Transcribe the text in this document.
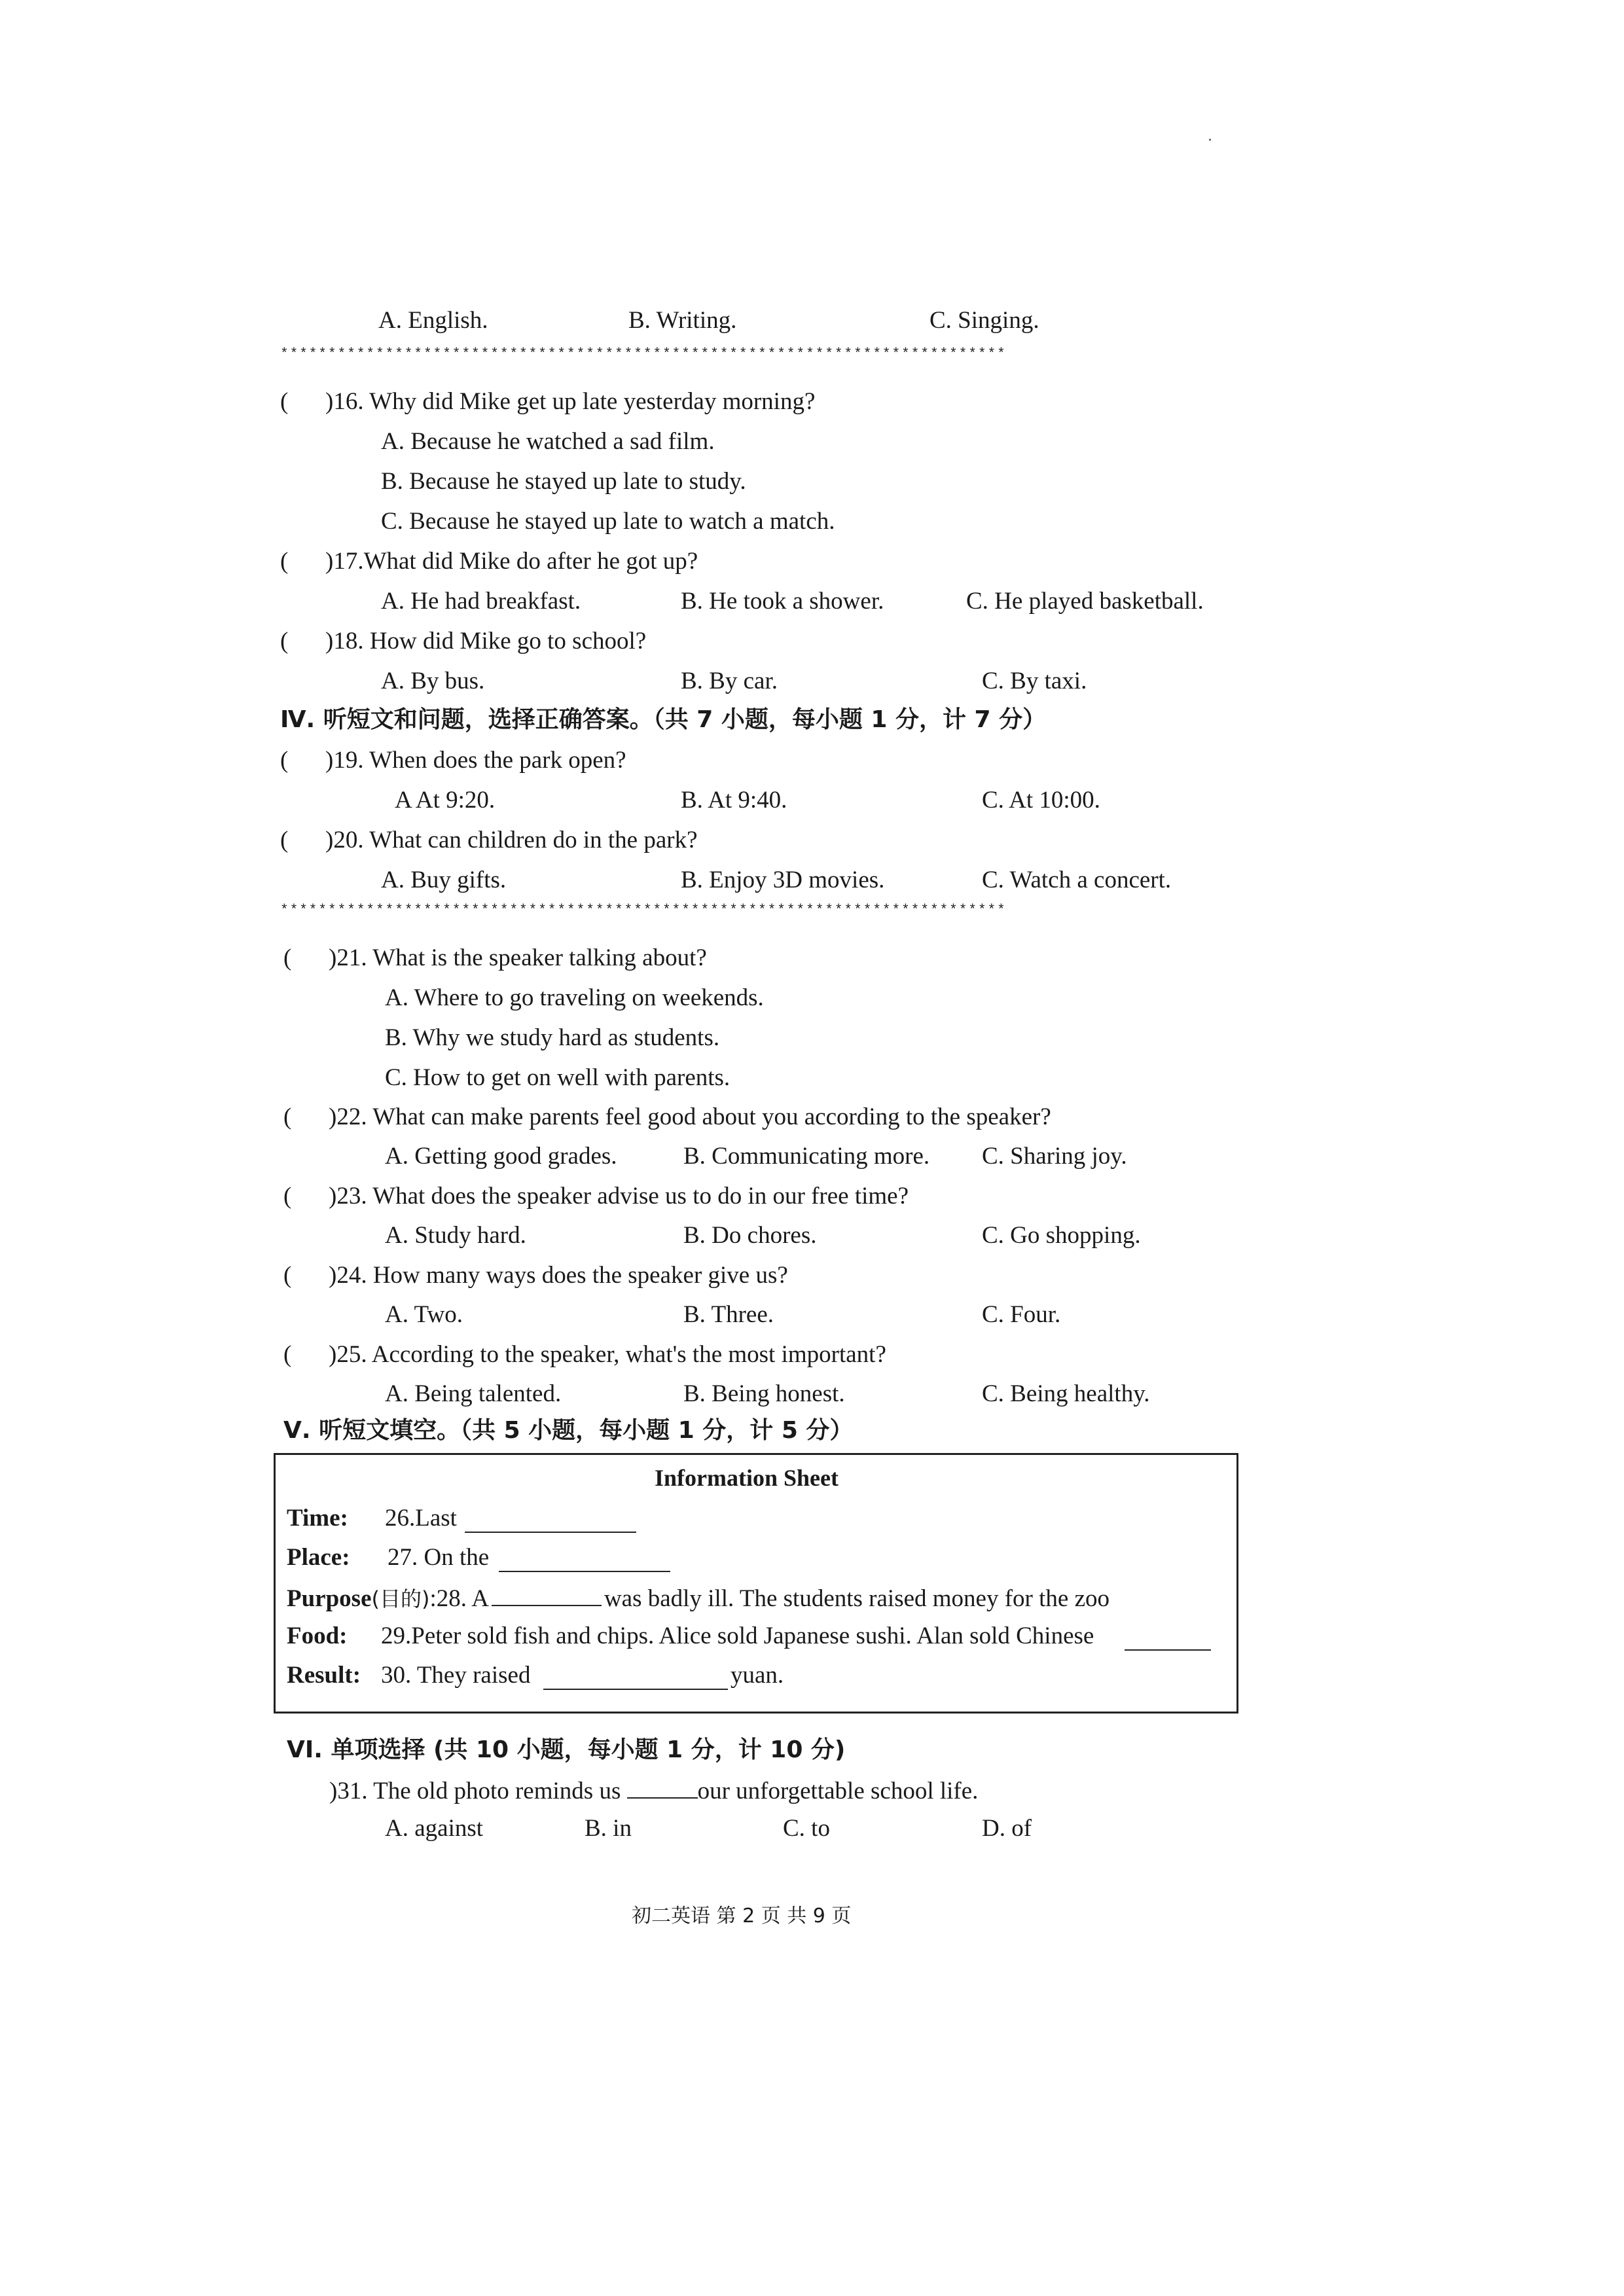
A. English.	B. Writing.	C. Singing.
****************************************************************************
( )16. Why did Mike get up late yesterday morning?
A. Because he watched a sad film.
B. Because he stayed up late to study.
C. Because he stayed up late to watch a match.
( )17.What did Mike do after he got up?
A. He had breakfast.	B. He took a shower.	C. He played basketball.
( )18. How did Mike go to school?
A. By bus.	B. By car.	C. By taxi.
Ⅳ. 听短文和问题，选择正确答案。（共 7 小题，每小题 1 分，计 7 分）
( )19. When does the park open?
A At 9:20.	B. At 9:40.	C. At 10:00.
( )20. What can children do in the park?
A. Buy gifts.	B. Enjoy 3D movies.	C. Watch a concert.
****************************************************************************
( )21. What is the speaker talking about?
A. Where to go traveling on weekends.
B. Why we study hard as students.
C. How to get on well with parents.
( )22. What can make parents feel good about you according to the speaker?
A. Getting good grades.	B. Communicating more. C. Sharing joy.
( )23. What does the speaker advise us to do in our free time?
A. Study hard.	B. Do chores.	C. Go shopping.
( )24. How many ways does the speaker give us?
A. Two.	B. Three.	C. Four.
( )25. According to the speaker, what's the most important?
A. Being talented.	B. Being honest.	C. Being healthy.
Ⅴ. 听短文填空。（共 5 小题，每小题 1 分，计 5 分）
Information Sheet
Time: 26.Last
Place: 27. On the
Purpose(目的):28. A	was badly ill. The students raised money for the zoo
Food: 29.Peter sold fish and chips. Alice sold Japanese sushi. Alan sold Chinese
Result: 30. They raised	yuan.
VI. 单项选择 (共 10 小题，每小题 1 分，计 10 分)
)31. The old photo reminds us	our unforgettable school life.
A. against	B. in	C. to	D. of
初二英语 第 2 页 共 9 页
